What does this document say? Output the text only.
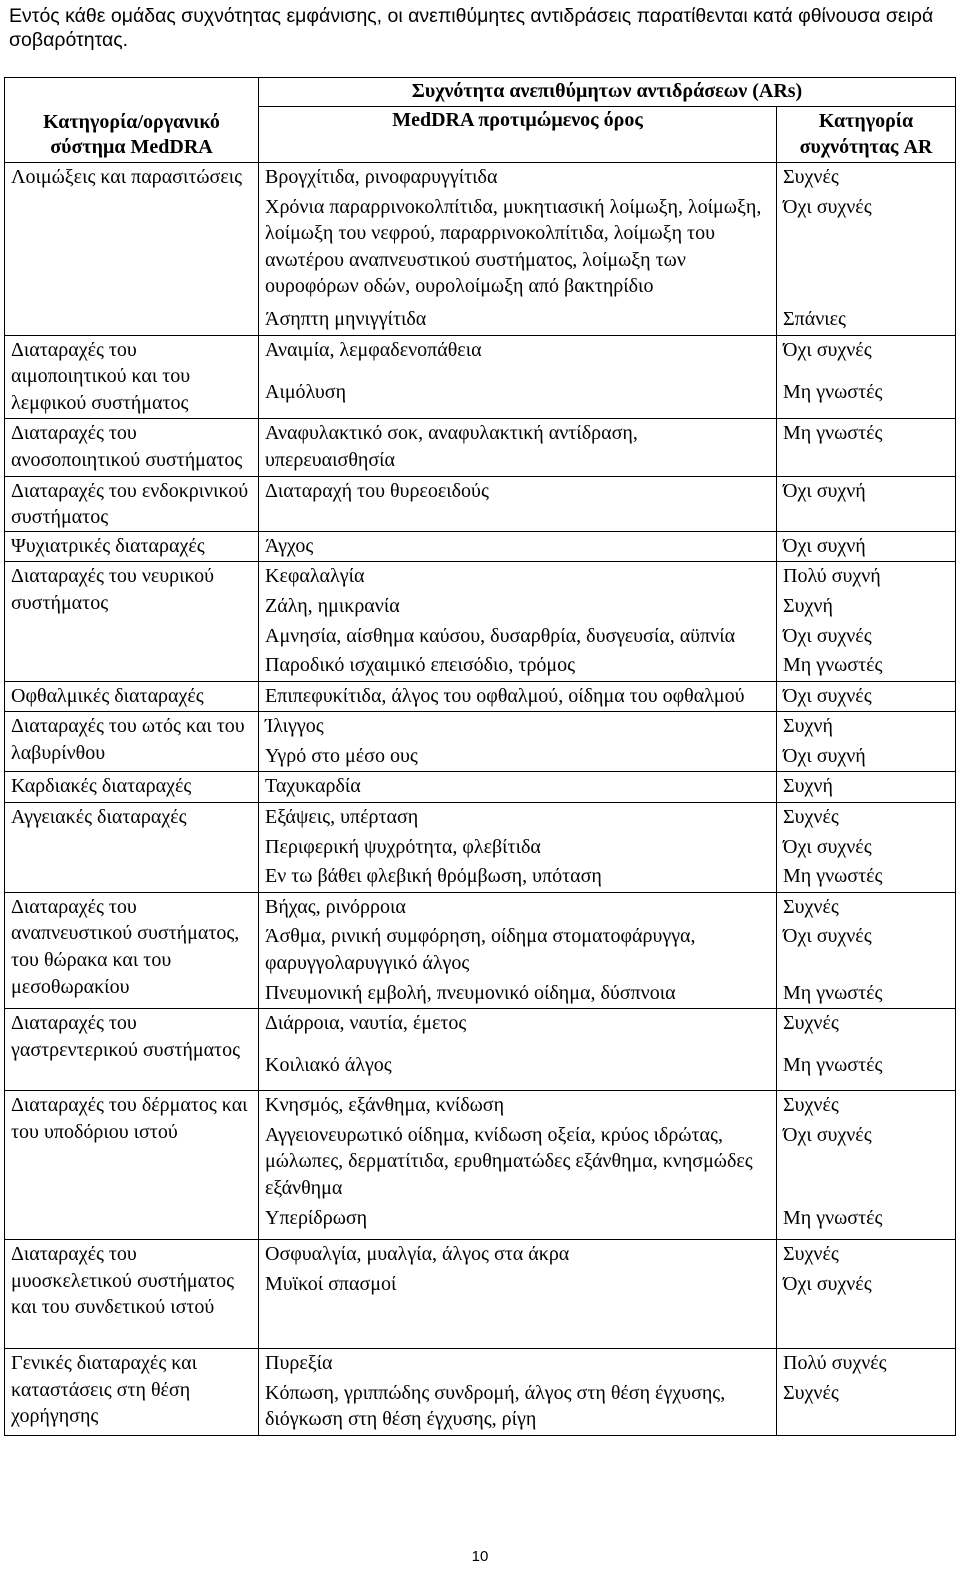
Εντός κάθε ομάδας συχνότητας εμφάνισης, οι ανεπιθύμητες αντιδράσεις παρατίθενται κατά φθίνουσα σειρά σοβαρότητας.
Κατηγορία/οργανικό σύστημα MedDRA	Συχνότητα ανεπιθύμητων αντιδράσεων (ARs)	
	MedDRA προτιμώμενος όρος	Κατηγορία συχνότητας AR
Λοιμώξεις και παρασιτώσεις	Βρογχίτιδα, ρινοφαρυγγίτιδα	Συχνές
	Χρόνια παραρρινοκολπίτιδα, μυκητιασική λοίμωξη, λοίμωξη, λοίμωξη του νεφρού, παραρρινοκολπίτιδα, λοίμωξη του ανωτέρου αναπνευστικού συστήματος, λοίμωξη των ουροφόρων οδών, ουρολοίμωξη από βακτηρίδιο	Όχι συχνές
	Άσηπτη μηνιγγίτιδα	Σπάνιες
Διαταραχές του αιμοποιητικού και του λεμφικού συστήματος	Αναιμία, λεμφαδενοπάθεια	Όχι συχνές
	Αιμόλυση	Μη γνωστές
Διαταραχές του ανοσοποιητικού συστήματος	Αναφυλακτικό σοκ, αναφυλακτική αντίδραση, υπερευαισθησία	Μη γνωστές
Διαταραχές του ενδοκρινικού συστήματος	Διαταραχή του θυρεοειδούς	Όχι συχνή
Ψυχιατρικές διαταραχές	Άγχος	Όχι συχνή
Διαταραχές του νευρικού συστήματος	Κεφαλαλγία	Πολύ συχνή
	Ζάλη, ημικρανία	Συχνή
	Αμνησία, αίσθημα καύσου, δυσαρθρία, δυσγευσία, αϋπνία	Όχι συχνές
	Παροδικό ισχαιμικό επεισόδιο, τρόμος	Μη γνωστές
Οφθαλμικές διαταραχές	Επιπεφυκίτιδα, άλγος του οφθαλμού, οίδημα του οφθαλμού	Όχι συχνές
Διαταραχές του ωτός και του λαβυρίνθου	Ίλιγγος	Συχνή
	Υγρό στο μέσο ους	Όχι συχνή
Καρδιακές διαταραχές	Ταχυκαρδία	Συχνή
Αγγειακές διαταραχές	Εξάψεις, υπέρταση	Συχνές
	Περιφερική ψυχρότητα, φλεβίτιδα	Όχι συχνές
	Εν τω βάθει φλεβική θρόμβωση, υπόταση	Μη γνωστές
Διαταραχές του αναπνευστικού συστήματος, του θώρακα και του μεσοθωρακίου	Βήχας, ρινόρροια	Συχνές
	Άσθμα, ρινική συμφόρηση, οίδημα στοματοφάρυγγα, φαρυγγολαρυγγικό άλγος	Όχι συχνές
	Πνευμονική εμβολή, πνευμονικό οίδημα, δύσπνοια	Μη γνωστές
Διαταραχές του γαστρεντερικού συστήματος	Διάρροια, ναυτία, έμετος	Συχνές
	Κοιλιακό άλγος	Μη γνωστές
Διαταραχές του δέρματος και του υποδόριου ιστού	Κνησμός, εξάνθημα, κνίδωση	Συχνές
	Αγγειονευρωτικό οίδημα, κνίδωση οξεία, κρύος ιδρώτας, μώλωπες, δερματίτιδα, ερυθηματώδες εξάνθημα, κνησμώδες εξάνθημα	Όχι συχνές
	Υπερίδρωση	Μη γνωστές
Διαταραχές του μυοσκελετικού συστήματος και του συνδετικού ιστού	Οσφυαλγία, μυαλγία, άλγος στα άκρα	Συχνές
	Μυϊκοί σπασμοί	Όχι συχνές
Γενικές διαταραχές και καταστάσεις στη θέση χορήγησης	Πυρεξία	Πολύ συχνές
	Κόπωση, γριππώδης συνδρομή, άλγος στη θέση έγχυσης, διόγκωση στη θέση έγχυσης, ρίγη	Συχνές
10
